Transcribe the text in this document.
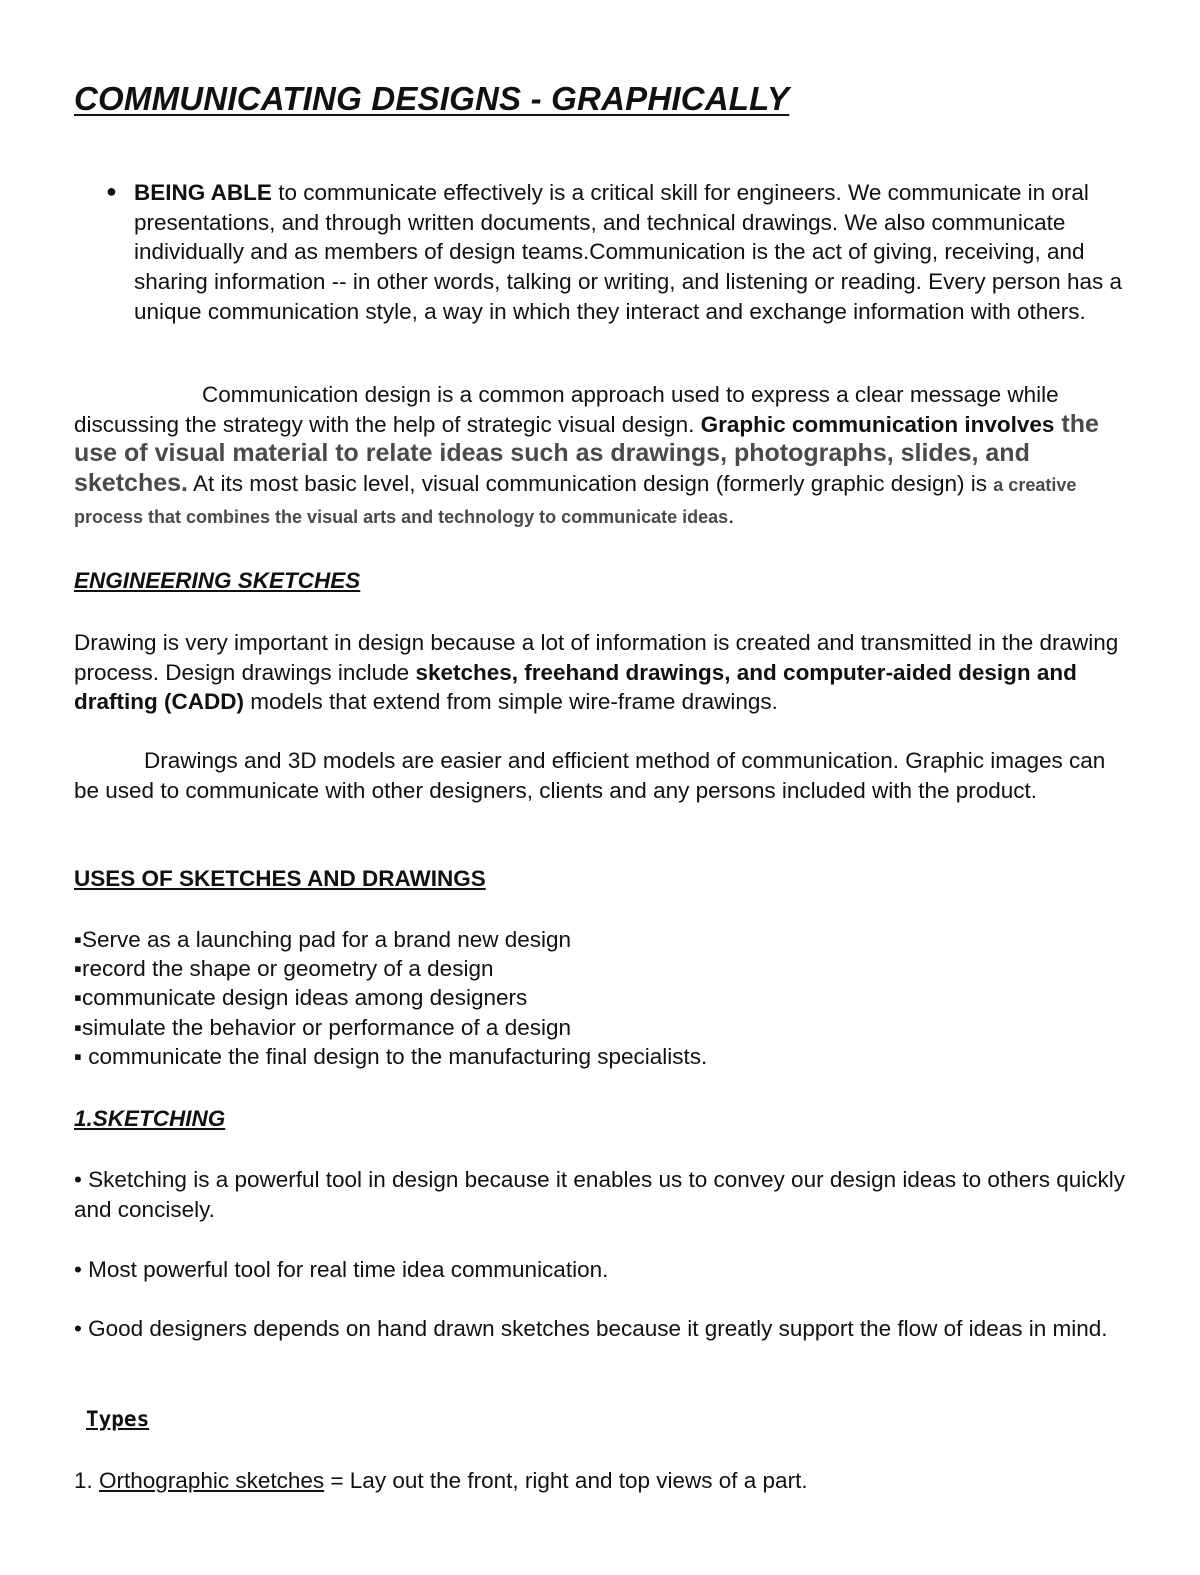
COMMUNICATING DESIGNS - GRAPHICALLY
● BEING ABLE to communicate effectively is a critical skill for engineers. We communicate in oral presentations, and through written documents, and technical drawings. We also communicate individually and as members of design teams.Communication is the act of giving, receiving, and sharing information -- in other words, talking or writing, and listening or reading. Every person has a unique communication style, a way in which they interact and exchange information with others.

Communication design is a common approach used to express a clear message while discussing the strategy with the help of strategic visual design. Graphic communication involves the use of visual material to relate ideas such as drawings, photographs, slides, and sketches. At its most basic level, visual communication design (formerly graphic design) is a creative process that combines the visual arts and technology to communicate ideas.

ENGINEERING SKETCHES

Drawing is very important in design because a lot of information is created and transmitted in the drawing process. Design drawings include sketches, freehand drawings, and computer-aided design and drafting (CADD) models that extend from simple wire-frame drawings.

Drawings and 3D models are easier and efficient method of communication. Graphic images can be used to communicate with other designers, clients and any persons included with the product.

USES OF SKETCHES AND DRAWINGS
▪Serve as a launching pad for a brand new design
▪record the shape or geometry of a design
▪communicate design ideas among designers
▪simulate the behavior or performance of a design
▪ communicate the final design to the manufacturing specialists.
1.SKETCHING

• Sketching is a powerful tool in design because it enables us to convey our design ideas to others quickly and concisely.

• Most powerful tool for real time idea communication.

• Good designers depends on hand drawn sketches because it greatly support the flow of ideas in mind.

Types

1. Orthographic sketches = Lay out the front, right and top views of a part.
